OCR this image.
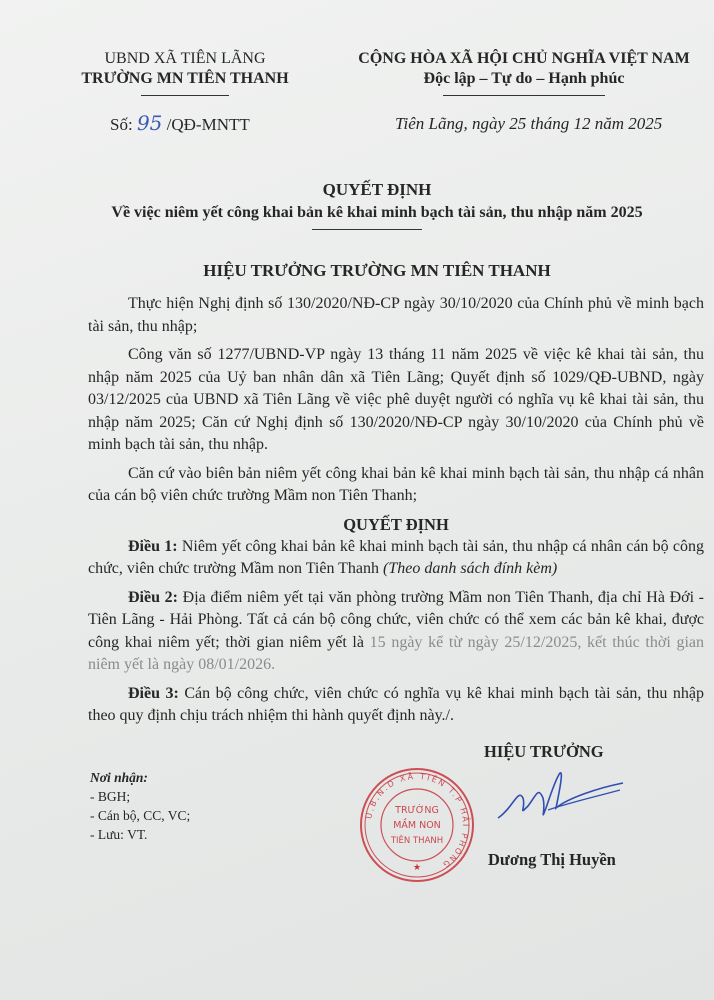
UBND XÃ TIÊN LÃNG
TRƯỜNG MN TIÊN THANH
CỘNG HÒA XÃ HỘI CHỦ NGHĨA VIỆT NAM
Độc lập – Tự do – Hạnh phúc
Số: 95 /QĐ-MNTT	Tiên Lãng, ngày 25 tháng 12 năm 2025
QUYẾT ĐỊNH
Về việc niêm yết công khai bản kê khai minh bạch tài sản, thu nhập năm 2025
HIỆU TRƯỞNG TRƯỜNG MN TIÊN THANH

Thực hiện Nghị định số 130/2020/NĐ-CP ngày 30/10/2020 của Chính phủ về minh bạch tài sản, thu nhập;

Công văn số 1277/UBND-VP ngày 13 tháng 11 năm 2025 về việc kê khai tài sản, thu nhập năm 2025 của Uỷ ban nhân dân xã Tiên Lãng; Quyết định số 1029/QĐ-UBND, ngày 03/12/2025 của UBND xã Tiên Lãng về việc phê duyệt người có nghĩa vụ kê khai tài sản, thu nhập năm 2025; Căn cứ Nghị định số 130/2020/NĐ-CP ngày 30/10/2020 của Chính phủ về minh bạch tài sản, thu nhập.

Căn cứ vào biên bản niêm yết công khai bản kê khai minh bạch tài sản, thu nhập cá nhân của cán bộ viên chức trường Mầm non Tiên Thanh;

QUYẾT ĐỊNH

Điều 1: Niêm yết công khai bản kê khai minh bạch tài sản, thu nhập cá nhân cán bộ công chức, viên chức trường Mầm non Tiên Thanh (Theo danh sách đính kèm)

Điều 2: Địa điểm niêm yết tại văn phòng trường Mầm non Tiên Thanh, địa chỉ Hà Đới - Tiên Lãng - Hải Phòng. Tất cả cán bộ công chức, viên chức có thể xem các bản kê khai, được công khai niêm yết; thời gian niêm yết là 15 ngày kể từ ngày 25/12/2025, kết thúc thời gian niêm yết là ngày 08/01/2026.

Điều 3: Cán bộ công chức, viên chức có nghĩa vụ kê khai minh bạch tài sản, thu nhập theo quy định chịu trách nhiệm thi hành quyết định này./.

Nơi nhận:
- BGH;
- Cán bộ, CC, VC;
- Lưu: VT.
HIỆU TRƯỞNG
U.B.N.D XÃ TIÊN T.P HẢI PHÒNG
TRƯỜNG
MẦM NON
TIÊN THANH
★	Dương Thị Huyền
